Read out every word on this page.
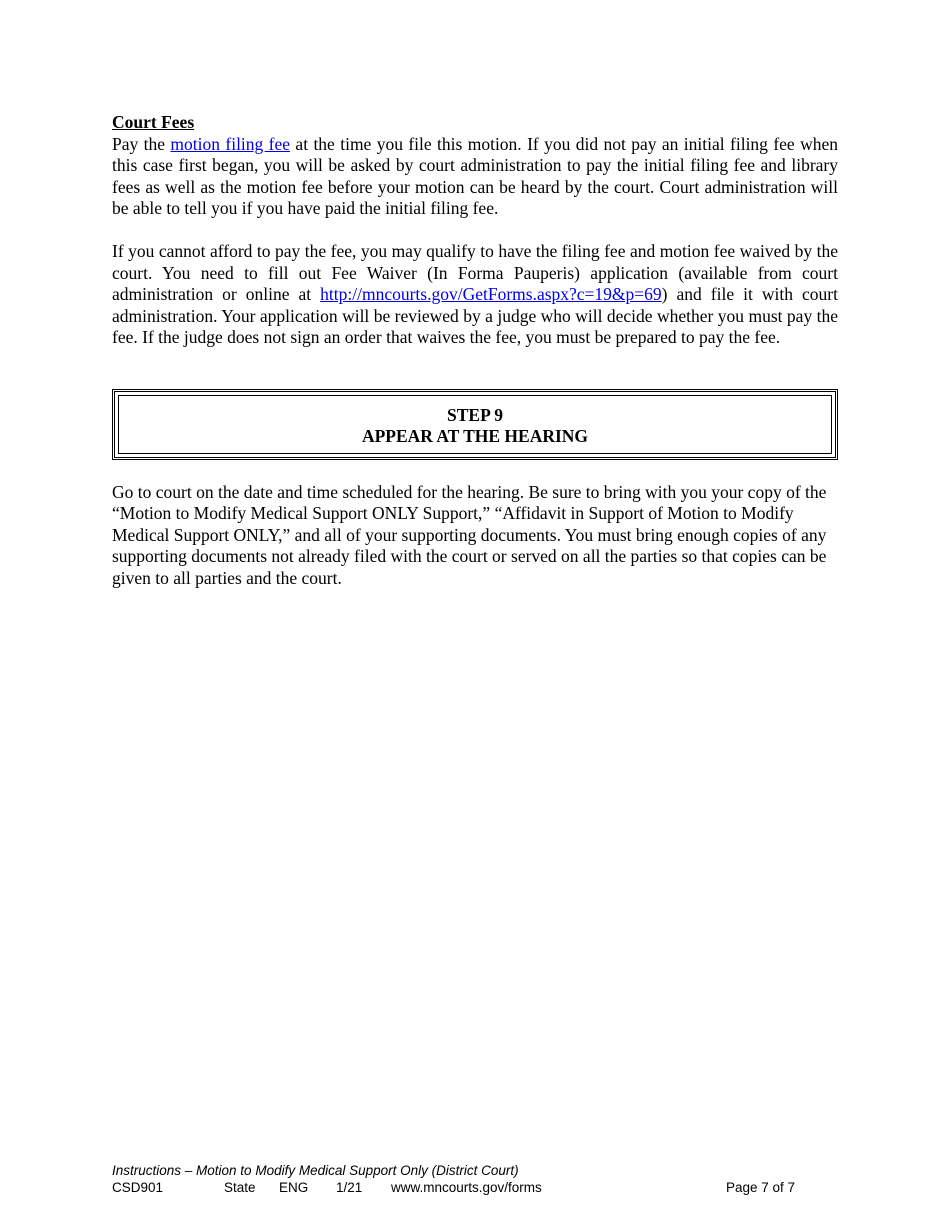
Court Fees

Pay the motion filing fee at the time you file this motion. If you did not pay an initial filing fee when this case first began, you will be asked by court administration to pay the initial filing fee and library fees as well as the motion fee before your motion can be heard by the court. Court administration will be able to tell you if you have paid the initial filing fee.

If you cannot afford to pay the fee, you may qualify to have the filing fee and motion fee waived by the court. You need to fill out Fee Waiver (In Forma Pauperis) application (available from court administration or online at http://mncourts.gov/GetForms.aspx?c=19&p=69) and file it with court administration. Your application will be reviewed by a judge who will decide whether you must pay the fee. If the judge does not sign an order that waives the fee, you must be prepared to pay the fee.

STEP 9
APPEAR AT THE HEARING

Go to court on the date and time scheduled for the hearing. Be sure to bring with you your copy of the “Motion to Modify Medical Support ONLY Support,” “Affidavit in Support of Motion to Modify Medical Support ONLY,” and all of your supporting documents. You must bring enough copies of any supporting documents not already filed with the court or served on all the parties so that copies can be given to all parties and the court.

Instructions – Motion to Modify Medical Support Only (District Court)
CSD901	State ENG 1/21 www.mncourts.gov/forms	Page 7 of 7
